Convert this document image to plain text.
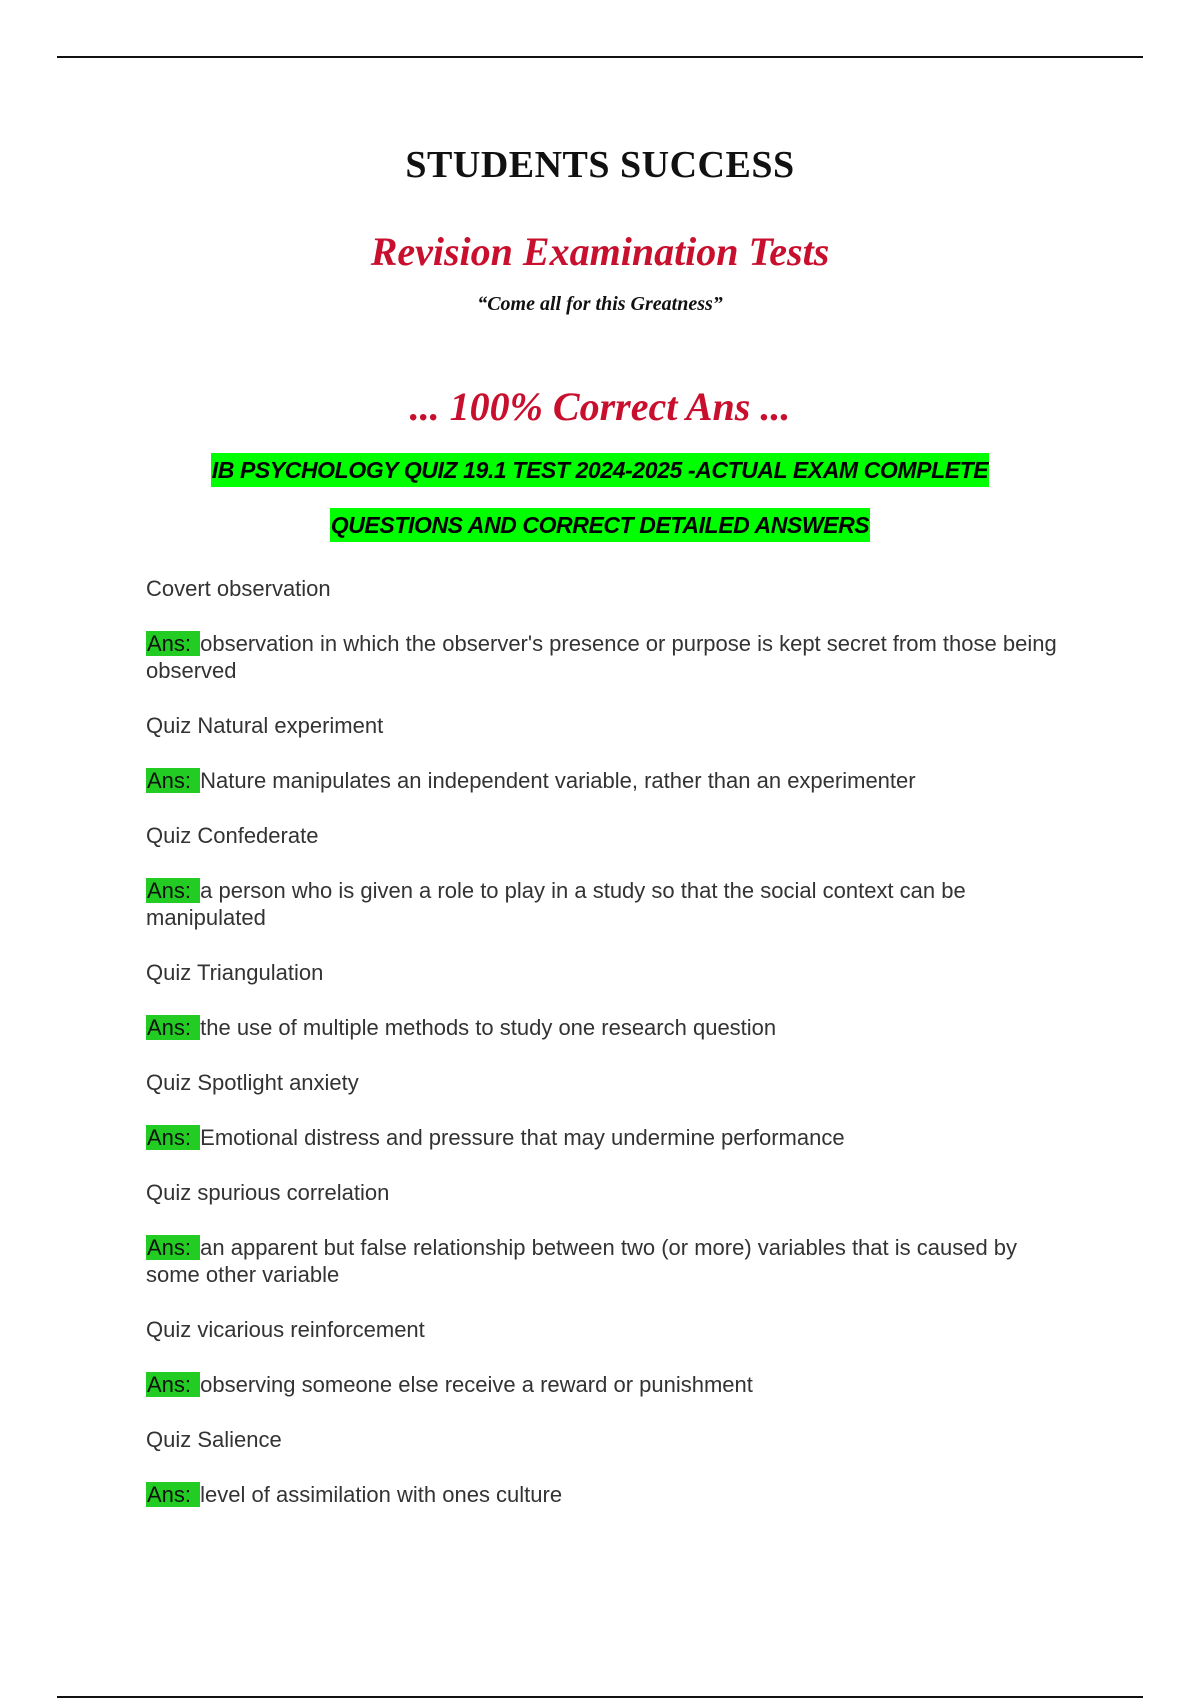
STUDENTS SUCCESS
Revision Examination Tests
“Come all for this Greatness”
... 100% Correct Ans ...
IB PSYCHOLOGY QUIZ 19.1 TEST 2024-2025 -ACTUAL EXAM COMPLETE
QUESTIONS AND CORRECT DETAILED ANSWERS
Covert observation
Ans: observation in which the observer's presence or purpose is kept secret from those being observed
Quiz Natural experiment
Ans: Nature manipulates an independent variable, rather than an experimenter
Quiz Confederate
Ans: a person who is given a role to play in a study so that the social context can be manipulated
Quiz Triangulation
Ans: the use of multiple methods to study one research question
Quiz Spotlight anxiety
Ans: Emotional distress and pressure that may undermine performance
Quiz spurious correlation
Ans: an apparent but false relationship between two (or more) variables that is caused by some other variable
Quiz vicarious reinforcement
Ans: observing someone else receive a reward or punishment
Quiz Salience
Ans: level of assimilation with ones culture
